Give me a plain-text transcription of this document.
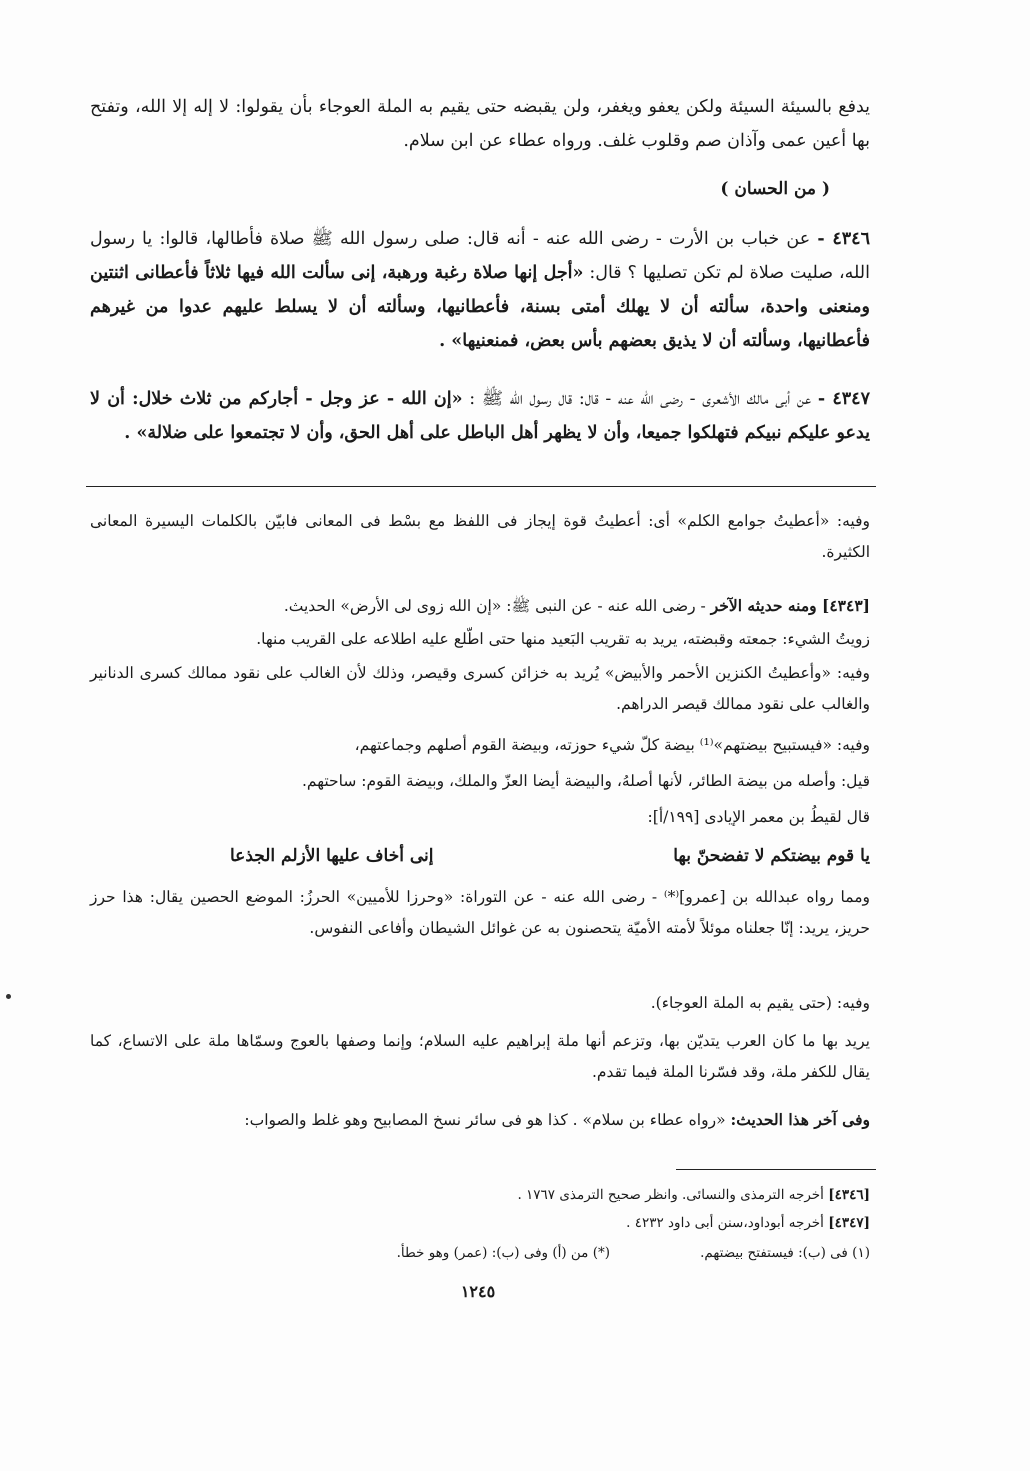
يدفع بالسيئة السيئة ولكن يعفو ويغفر، ولن يقبضه حتى يقيم به الملة العوجاء بأن يقولوا: لا إله إلا الله، وتفتح بها أعين عمى وآذان صم وقلوب غلف. ورواه عطاء عن ابن سلام.
( من الحسان )
٤٣٤٦ - عن خباب بن الأرت - رضى الله عنه - أنه قال: صلى رسول الله ﷺ صلاة فأطالها، قالوا: يا رسول الله، صليت صلاة لم تكن تصليها ؟ قال: «أجل إنها صلاة رغبة ورهبة، إنى سألت الله فيها ثلاثاً فأعطانى اثنتين ومنعنى واحدة، سألته أن لا يهلك أمتى بسنة، فأعطانيها، وسألته أن لا يسلط عليهم عدوا من غيرهم فأعطانيها، وسألته أن لا يذيق بعضهم بأس بعض، فمنعنيها» .
٤٣٤٧ - عن أبى مالك الأشعرى - رضى الله عنه - قال: قال رسول الله ﷺ : «إن الله - عز وجل - أجاركم من ثلاث خلال: أن لا يدعو عليكم نبيكم فتهلكوا جميعا، وأن لا يظهر أهل الباطل على أهل الحق، وأن لا تجتمعوا على ضلالة» .
وفيه: «أعطيتُ جوامع الكلم» أى: أعطيتُ قوة إيجاز فى اللفظ مع بسْط فى المعانى فابيّن بالكلمات اليسيرة المعانى الكثيرة.
[٤٣٤٣] ومنه حديثه الآخر - رضى الله عنه - عن النبى ﷺ: «إن الله زوى لى الأرض» الحديث.
زويتُ الشيء: جمعته وقبضته، يريد به تقريب البَعيد منها حتى اطّلع عليه اطلاعه على القريب منها.
وفيه: «وأعطيتُ الكنزين الأحمر والأبيض» يُريد به خزائن كسرى وقيصر، وذلك لأن الغالب على نقود ممالك كسرى الدنانير والغالب على نقود ممالك قيصر الدراهم.
وفيه: «فيستبيح بيضتهم»⁽¹⁾ بيضة كلّ شيء حوزته، وبيضة القوم أصلهم وجماعتهم،
قيل: وأصله من بيضة الطائر، لأنها أصلهُ، والبيضة أيضا العزّ والملك، وبيضة القوم: ساحتهم.
قال لقيطُ بن معمر الإيادى [١٩٩/أ]:
يا قوم بيضتكم لا تفضحنّ بها
إنى أخاف عليها الأزلم الجذعا
ومما رواه عبدالله بن [عمرو]⁽*⁾ - رضى الله عنه - عن التوراة: «وحرزا للأميين» الحرزُ: الموضع الحصين يقال: هذا حرز حريز، يريد: إنّا جعلناه موئلاً لأمته الأميّة يتحصنون به عن غوائل الشيطان وأفاعى النفوس.
وفيه: (حتى يقيم به الملة العوجاء).
يريد بها ما كان العرب يتديّن بها، وتزعم أنها ملة إبراهيم عليه السلام؛ وإنما وصفها بالعوج وسمّاها ملة على الاتساع، كما يقال للكفر ملة، وقد فسّرنا الملة فيما تقدم.
وفى آخر هذا الحديث: «رواه عطاء بن سلام» . كذا هو فى سائر نسخ المصابيح وهو غلط والصواب:
[٤٣٤٦] أخرجه الترمذى والنسائى. وانظر صحيح الترمذى ١٧٦٧ .
[٤٣٤٧] أخرجه أبوداود،سنن أبى داود ٤٢٣٢ .
(١) فى (ب): فيستفتح بيضتهم.
(*) من (أ) وفى (ب): (عمر) وهو خطأ.
١٢٤٥
